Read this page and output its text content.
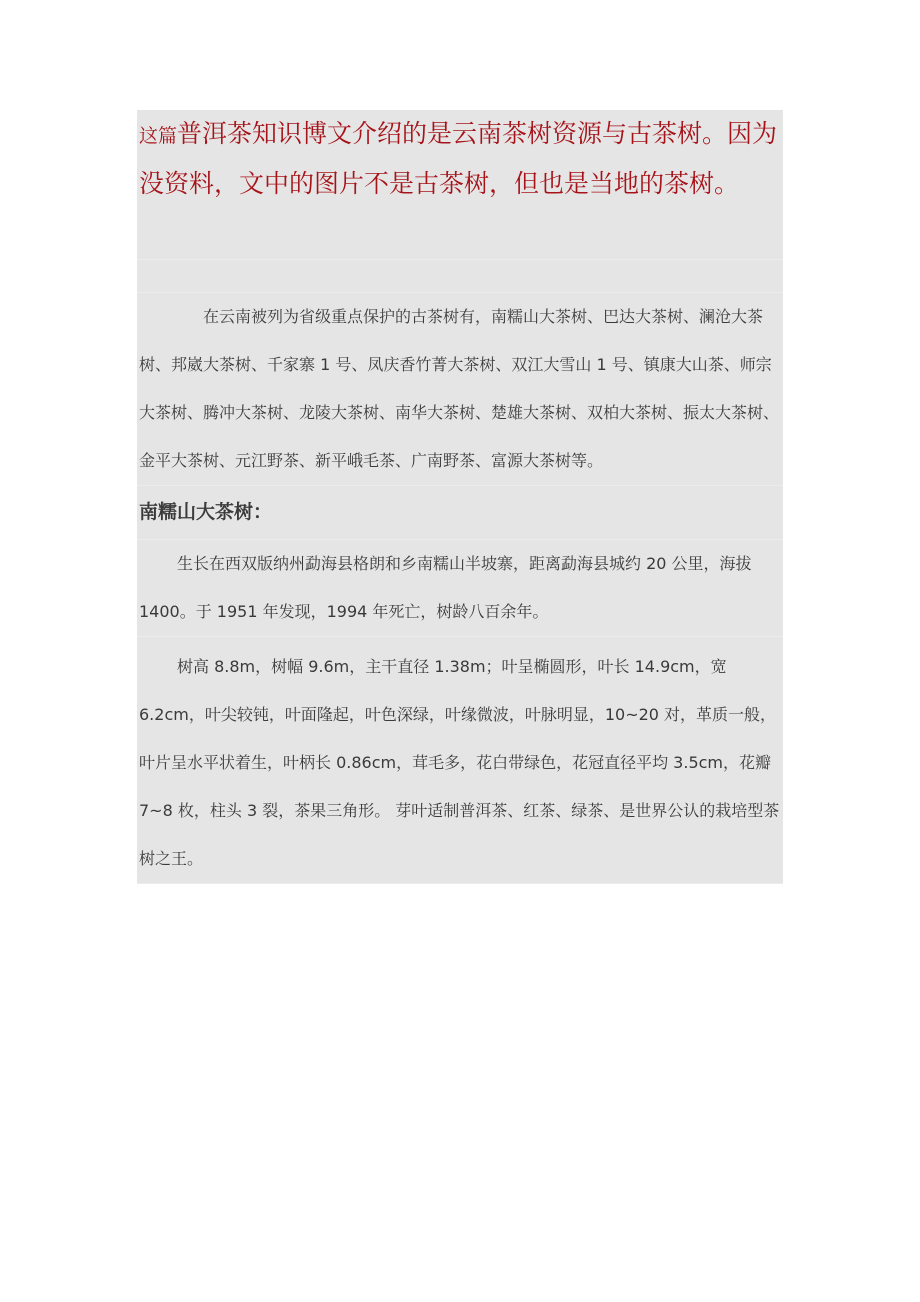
这篇普洱茶知识博文介绍的是云南茶树资源与古茶树。因为没资料，文中的图片不是古茶树，但也是当地的茶树。
在云南被列为省级重点保护的古茶树有，南糯山大茶树、巴达大茶树、澜沧大茶树、邦崴大茶树、千家寨 1 号、凤庆香竹菁大茶树、双江大雪山 1 号、镇康大山茶、师宗大茶树、腾冲大茶树、龙陵大茶树、南华大茶树、楚雄大茶树、双柏大茶树、振太大茶树、金平大茶树、元江野茶、新平峨毛茶、广南野茶、富源大茶树等。
南糯山大茶树：
生长在西双版纳州勐海县格朗和乡南糯山半坡寨，距离勐海县城约 20 公里，海拔 1400。于 1951 年发现，1994 年死亡，树龄八百余年。
树高 8.8m，树幅 9.6m，主干直径 1.38m；叶呈椭圆形，叶长 14.9cm，宽 6.2cm，叶尖较钝，叶面隆起，叶色深绿，叶缘微波，叶脉明显，10~20 对，革质一般，叶片呈水平状着生，叶柄长 0.86cm，茸毛多，花白带绿色，花冠直径平均 3.5cm，花瓣 7~8 枚，柱头 3 裂，茶果三角形。 芽叶适制普洱茶、红茶、绿茶、是世界公认的栽培型茶树之王。
